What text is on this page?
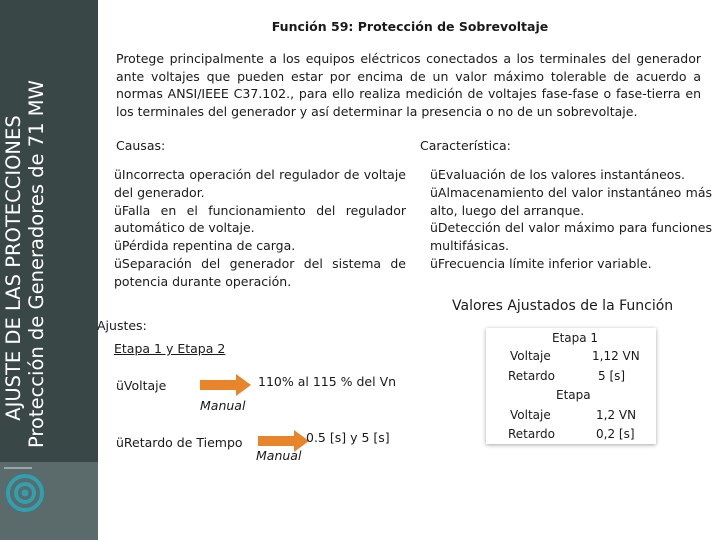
AJUSTE DE LAS PROTECCIONES Protección de Generadores de 71 MW
Función 59: Protección de Sobrevoltaje
Protege principalmente a los equipos eléctricos conectados a los terminales del generador ante voltajes que pueden estar por encima de un valor máximo tolerable de acuerdo a normas ANSI/IEEE C37.102., para ello realiza medición de voltajes fase-fase o fase-tierra en los terminales del generador y así determinar la presencia o no de un sobrevoltaje.
Causas:	Característica:
üIncorrecta operación del regulador de voltaje del generador.
üFalla en el funcionamiento del regulador automático de voltaje.
üPérdida repentina de carga.
üSeparación del generador del sistema de potencia durante operación.
üEvaluación de los valores instantáneos.
üAlmacenamiento del valor instantáneo más alto, luego del arranque.
üDetección del valor máximo para funciones multifásicas.
üFrecuencia límite inferior variable.
Valores Ajustados de la Función
Ajustes:
Etapa 1 y Etapa 2
üVoltaje
Manual
110% al 115 % del Vn
üRetardo de Tiempo
Manual
0.5 [s] y 5 [s]
Etapa 1
Voltaje	1,12 VN
Retardo	5 [s]
Etapa
Voltaje	1,2 VN
Retardo	0,2 [s]
